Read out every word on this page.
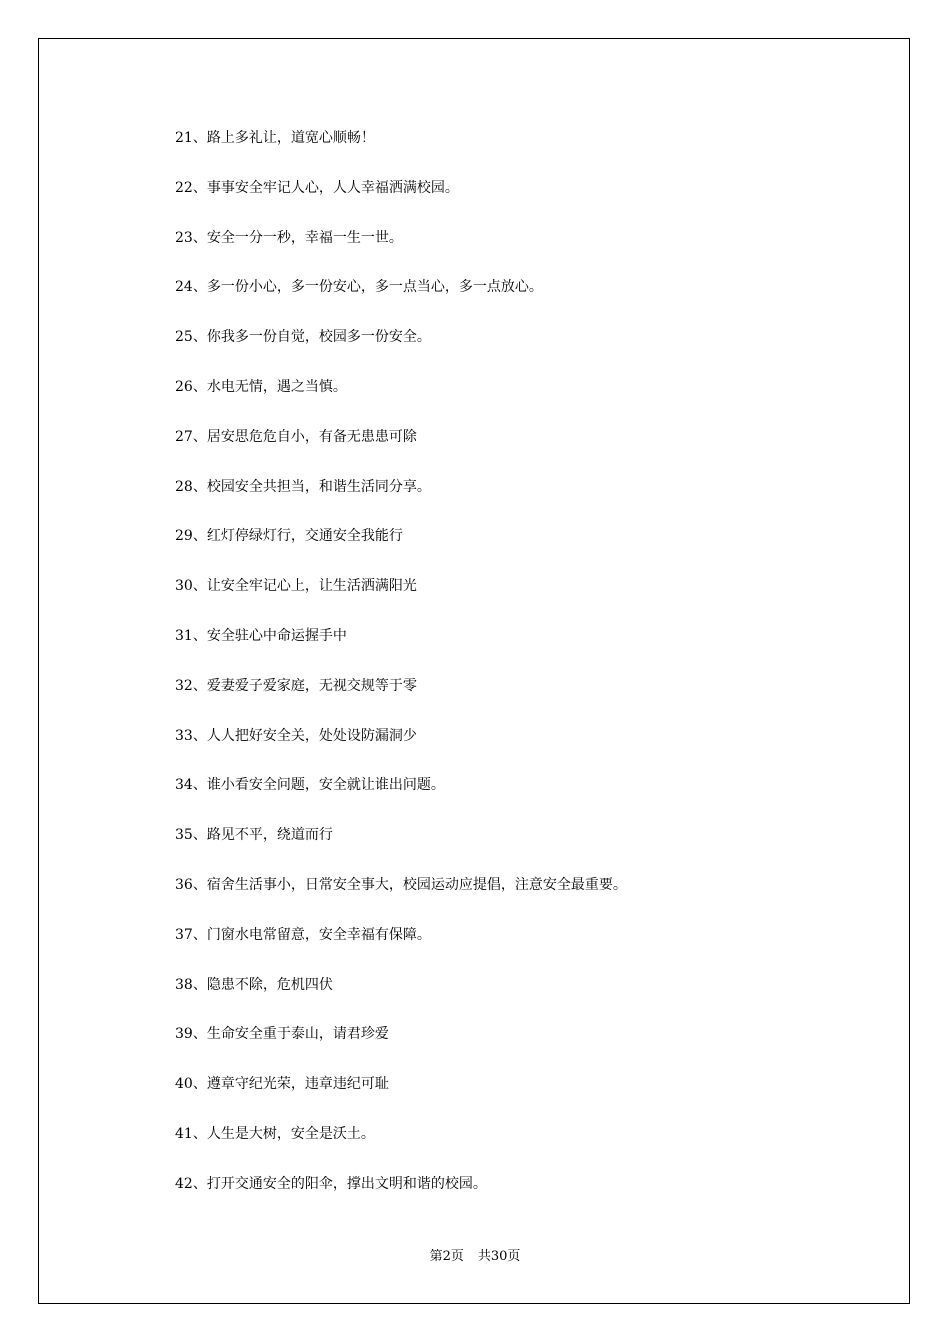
21、路上多礼让，道宽心顺畅！
22、事事安全牢记人心，人人幸福洒满校园。
23、安全一分一秒，幸福一生一世。
24、多一份小心，多一份安心，多一点当心，多一点放心。
25、你我多一份自觉，校园多一份安全。
26、水电无情，遇之当慎。
27、居安思危危自小，有备无患患可除
28、校园安全共担当，和谐生活同分享。
29、红灯停绿灯行，交通安全我能行
30、让安全牢记心上，让生活洒满阳光
31、安全驻心中命运握手中
32、爱妻爱子爱家庭，无视交规等于零
33、人人把好安全关，处处设防漏洞少
34、谁小看安全问题，安全就让谁出问题。
35、路见不平，绕道而行
36、宿舍生活事小，日常安全事大，校园运动应提倡，注意安全最重要。
37、门窗水电常留意，安全幸福有保障。
38、隐患不除，危机四伏
39、生命安全重于泰山，请君珍爱
40、遵章守纪光荣，违章违纪可耻
41、人生是大树，安全是沃土。
42、打开交通安全的阳伞，撑出文明和谐的校园。
第2页 共30页
